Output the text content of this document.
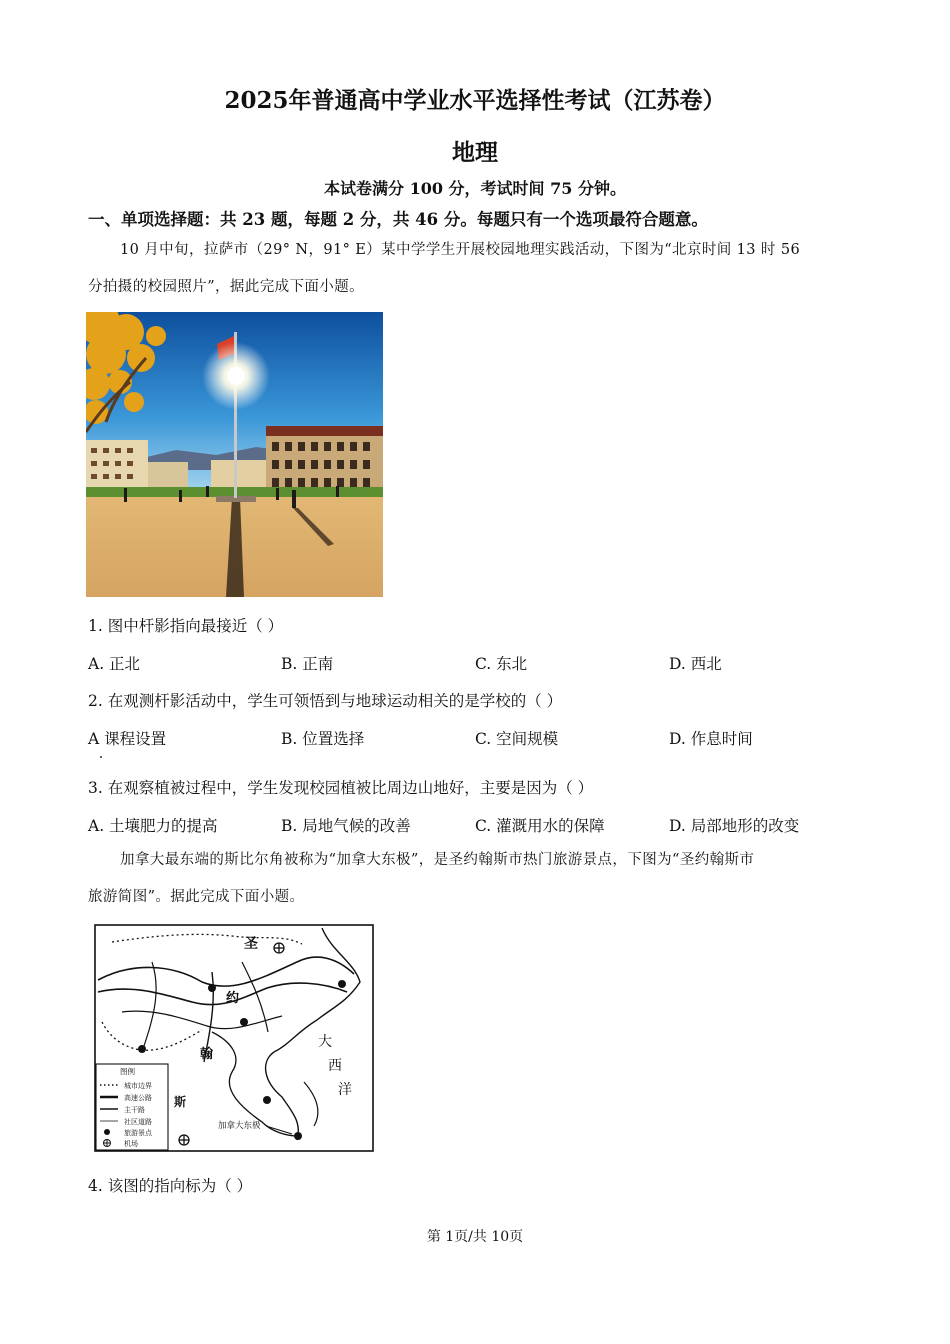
2025年普通高中学业水平选择性考试（江苏卷）
地理
本试卷满分 100 分，考试时间 75 分钟。
一、单项选择题：共 23 题，每题 2 分，共 46 分。每题只有一个选项最符合题意。
10 月中旬，拉萨市（29° N，91° E）某中学学生开展校园地理实践活动，下图为“北京时间 13 时 56
分拍摄的校园照片”，据此完成下面小题。
1. 图中杆影指向最接近（ ）
A. 正北	B. 正南	C. 东北	D. 西北
2. 在观测杆影活动中，学生可领悟到与地球运动相关的是学校的（ ）
A 课程设置	B. 位置选择	C. 空间规模	D. 作息时间
3. 在观察植被过程中，学生发现校园植被比周边山地好，主要是因为（ ）
A. 土壤肥力的提高	B. 局地气候的改善	C. 灌溉用水的保障	D. 局部地形的改变
加拿大最东端的斯比尔角被称为“加拿大东极”，是圣约翰斯市热门旅游景点，下图为“圣约翰斯市
旅游简图”。据此完成下面小题。
圣
约
翰
斯
大
西
洋
加拿大东极
图例
城市边界
高速公路
主干路
社区道路
旅游景点
机场
4. 该图的指向标为（ ）
第 1页/共 10页
